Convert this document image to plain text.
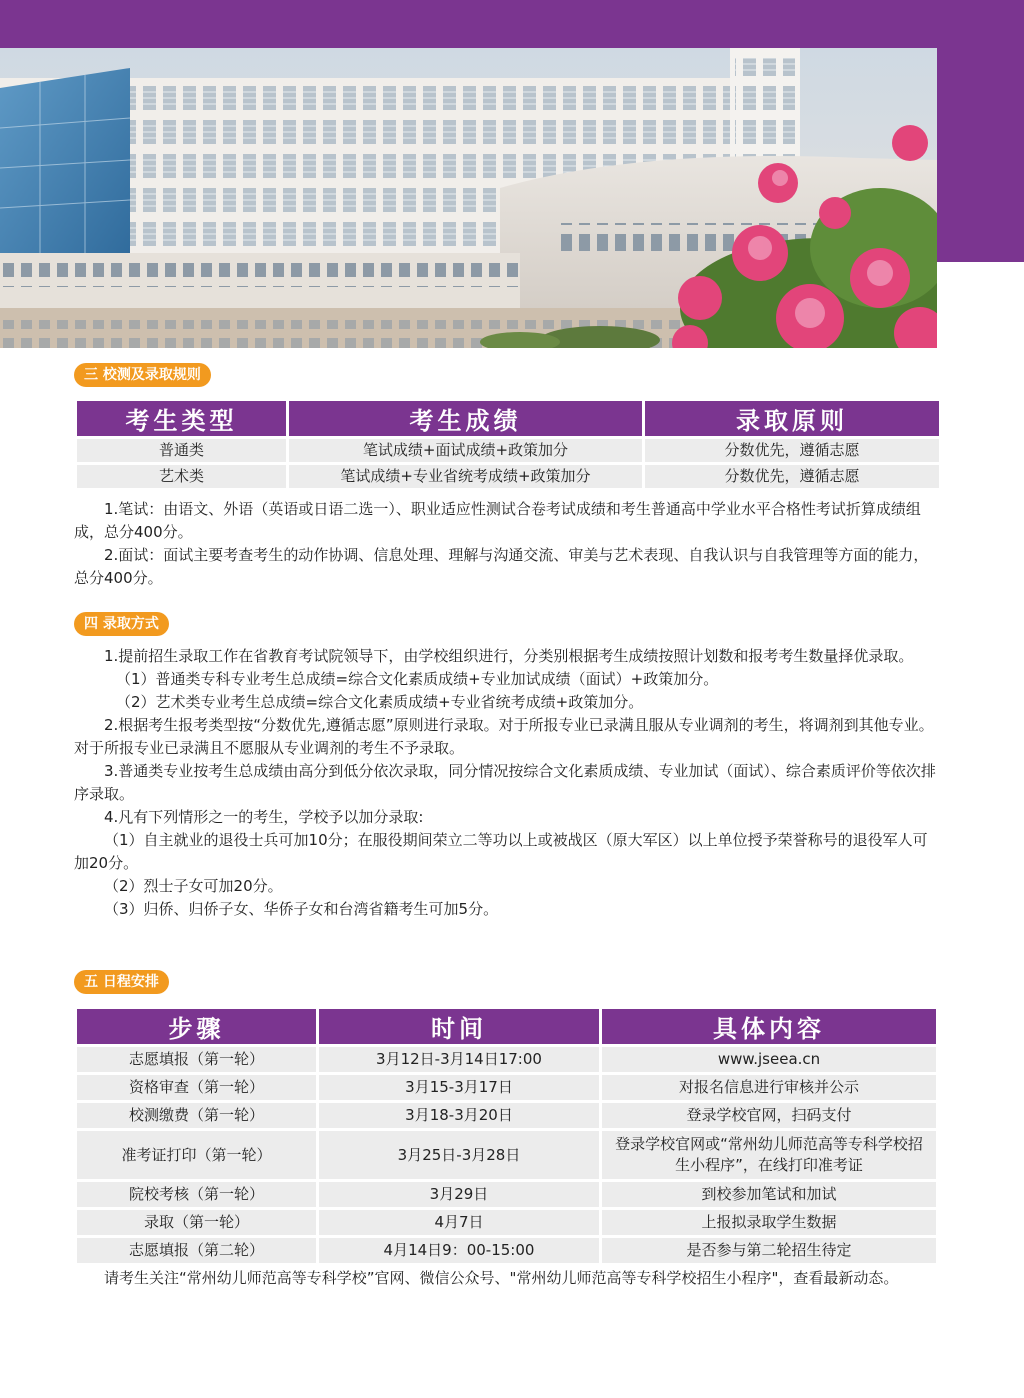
三 校测及录取规则
考生类型	考生成绩	录取原则
普通类	笔试成绩+面试成绩+政策加分	分数优先，遵循志愿
艺术类	笔试成绩+专业省统考成绩+政策加分	分数优先，遵循志愿

1.笔试：由语文、外语（英语或日语二选一）、职业适应性测试合卷考试成绩和考生普通高中学业水平合格性考试折算成绩组成，总分400分。

2.面试：面试主要考查考生的动作协调、信息处理、理解与沟通交流、审美与艺术表现、自我认识与自我管理等方面的能力，总分400分。

四 录取方式

1.提前招生录取工作在省教育考试院领导下，由学校组织进行，分类别根据考生成绩按照计划数和报考考生数量择优录取。

（1）普通类专科专业考生总成绩=综合文化素质成绩+专业加试成绩（面试）+政策加分。

（2）艺术类专业考生总成绩=综合文化素质成绩+专业省统考成绩+政策加分。

2.根据考生报考类型按“分数优先,遵循志愿”原则进行录取。对于所报专业已录满且服从专业调剂的考生，将调剂到其他专业。对于所报专业已录满且不愿服从专业调剂的考生不予录取。

3.普通类专业按考生总成绩由高分到低分依次录取，同分情况按综合文化素质成绩、专业加试（面试）、综合素质评价等依次排序录取。

4.凡有下列情形之一的考生，学校予以加分录取:

（1）自主就业的退役士兵可加10分；在服役期间荣立二等功以上或被战区（原大军区）以上单位授予荣誉称号的退役军人可加20分。

（2）烈士子女可加20分。

（3）归侨、归侨子女、华侨子女和台湾省籍考生可加5分。

五 日程安排
步骤	时间	具体内容
志愿填报（第一轮）	3月12日-3月14日17:00	www.jseea.cn
资格审查（第一轮）	3月15-3月17日	对报名信息进行审核并公示
校测缴费（第一轮）	3月18-3月20日	登录学校官网，扫码支付
准考证打印（第一轮）	3月25日-3月28日	登录学校官网或“常州幼儿师范高等专科学校招生小程序”，在线打印准考证
院校考核（第一轮）	3月29日	到校参加笔试和加试
录取（第一轮）	4月7日	上报拟录取学生数据
志愿填报（第二轮）	4月14日9：00-15:00	是否参与第二轮招生待定

请考生关注“常州幼儿师范高等专科学校”官网、微信公众号、"常州幼儿师范高等专科学校招生小程序"，查看最新动态。
